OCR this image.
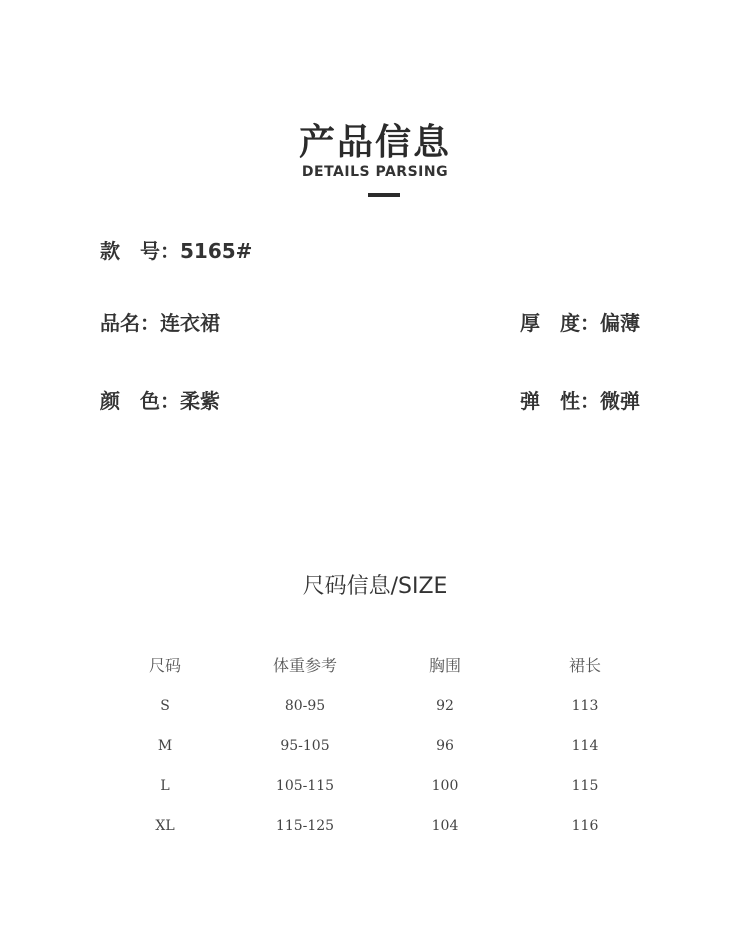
产品信息
DETAILS PARSING
款　号：5165#
品名：连衣裙	厚　度：偏薄
颜　色：柔紫	弹　性：微弹
尺码信息/SIZE
尺码	体重参考	胸围	裙长
S	80-95	92	113
M	95-105	96	114
L	105-115	100	115
XL	115-125	104	116
